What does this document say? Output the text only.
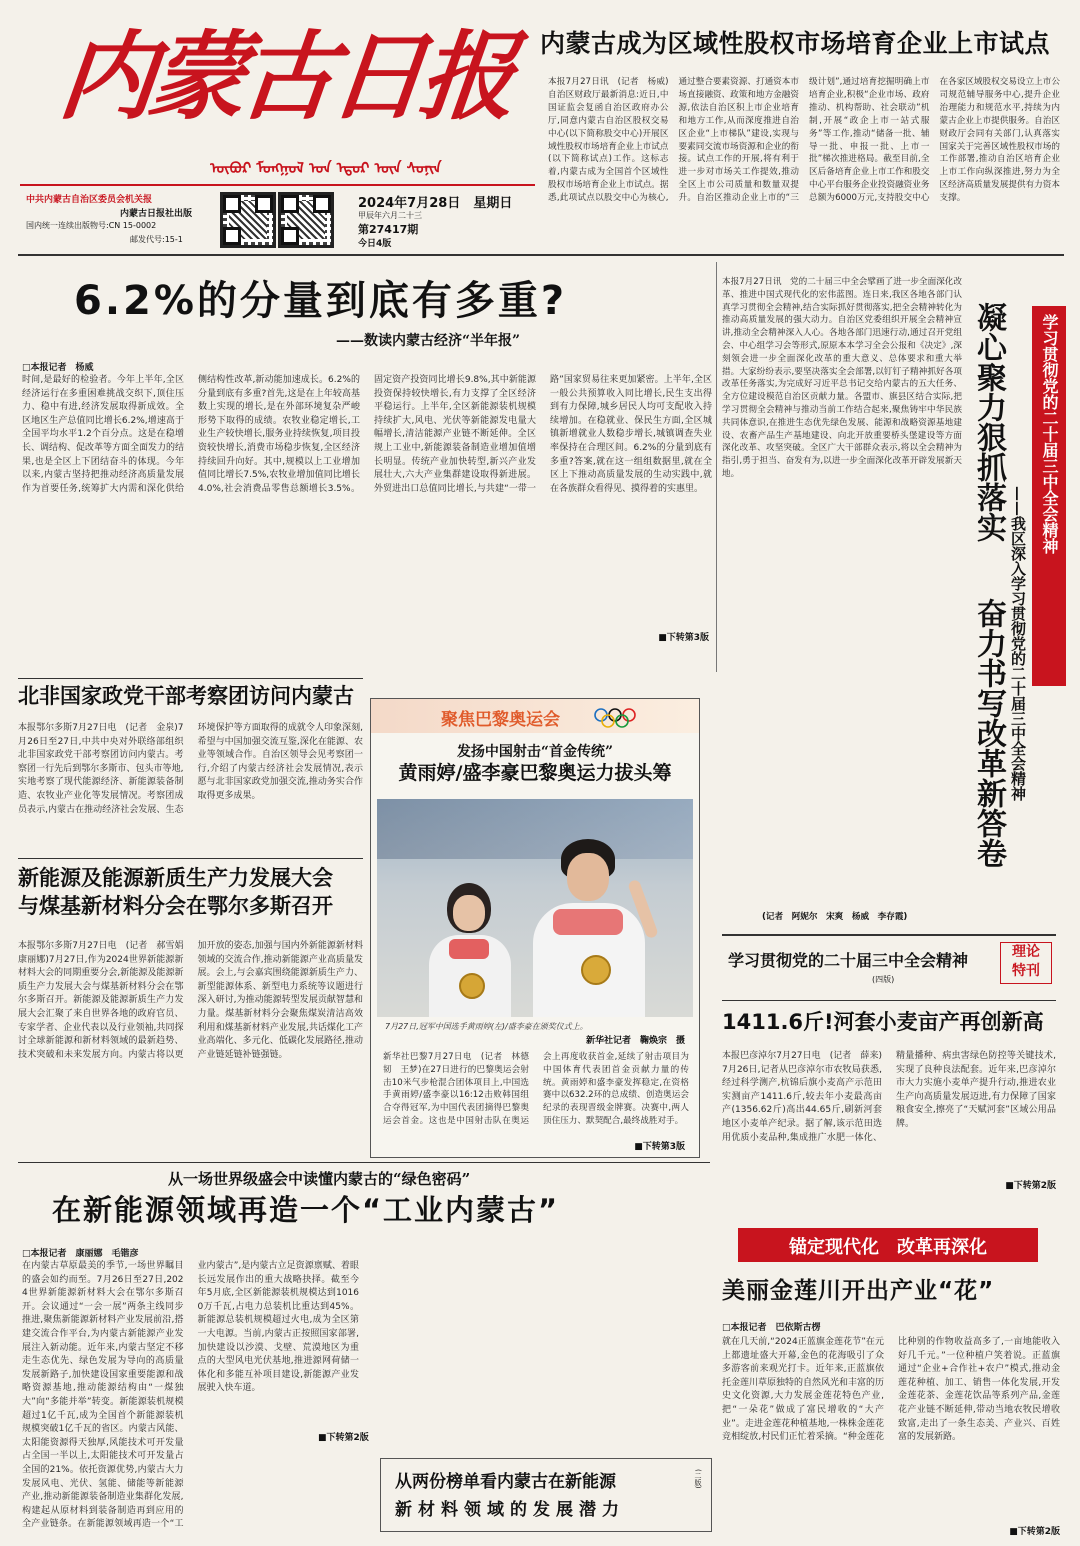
内蒙古日报
ᠥᠪᠦᠷ ᠮᠣᠩᠭᠣᠯ ᠤᠨ ᠡᠳᠦᠷ ᠦᠨ ᠰᠣᠨᠢᠨ
中共内蒙古自治区委员会机关报
内蒙古日报社出版
国内统一连续出版物号:CN 15-0002
邮发代号:15-1
2024年7月28日　星期日
甲辰年六月二十三
第27417期
今日4版
内蒙古成为区域性股权市场培育企业上市试点
本报7月27日讯　(记者　杨威)自治区财政厅最新消息:近日,中国证监会复函自治区政府办公厅,同意内蒙古自治区股权交易中心(以下简称股交中心)开展区域性股权市场培育企业上市试点(以下简称试点)工作。这标志着,内蒙古成为全国首个区域性股权市场培育企业上市试点。据悉,此项试点以股交中心为核心,通过整合要素资源、打通资本市场直接融资、政策和地方金融资源,依法自治区积上市企业培育和地方工作,从而深度推进自治区企业“上市梯队”建设,实现与要素同交流市场资源和企业的衔接。试点工作的开展,将有利于进一步对市场关工作提效,推动全区上市公司质量和数量双提升。自治区推动企业上市的“三级计划”,通过培育挖掘明确上市培育企业,积极“企业市场、政府推动、机构帮助、社会联动”机制,开展“政企上市一站式服务”等工作,推动“储备一批、辅导一批、申报一批、上市一批”梯次推进格局。截至目前,全区后备培育企业上市工作和股交中心平台服务企业投资融资业务总额为6000万元,支持股交中心在各家区域股权交易设立上市公司规范辅导服务中心,提升企业治理能力和规范水平,持续为内蒙古企业上市提供服务。自治区财政厅会同有关部门,认真落实国家关于完善区域性股权市场的工作部署,推动自治区培育企业上市工作向纵深推进,努力为全区经济高质量发展提供有力资本支撑。
6.2%的分量到底有多重?
——数读内蒙古经济“半年报”
□本报记者　杨威
时间,是最好的检验者。今年上半年,全区经济运行在多重困难挑战交织下,顶住压力、稳中有进,经济发展取得新成效。全区地区生产总值同比增长6.2%,增速高于全国平均水平1.2个百分点。这是在稳增长、调结构、促改革等方面全面发力的结果,也是全区上下团结奋斗的体现。今年以来,内蒙古坚持把推动经济高质量发展作为首要任务,统筹扩大内需和深化供给侧结构性改革,新动能加速成长。6.2%的分量到底有多重?首先,这是在上年较高基数上实现的增长,是在外部环境复杂严峻形势下取得的成绩。农牧业稳定增长,工业生产较快增长,服务业持续恢复,项目投资较快增长,消费市场稳步恢复,全区经济持续回升向好。其中,规模以上工业增加值同比增长7.5%,农牧业增加值同比增长4.0%,社会消费品零售总额增长3.5%。固定资产投资同比增长9.8%,其中新能源投资保持较快增长,有力支撑了全区经济平稳运行。上半年,全区新能源装机规模持续扩大,风电、光伏等新能源发电量大幅增长,清洁能源产业链不断延伸。全区规上工业中,新能源装备制造业增加值增长明显。传统产业加快转型,新兴产业发展壮大,六大产业集群建设取得新进展。外贸进出口总值同比增长,与共建“一带一路”国家贸易往来更加紧密。上半年,全区一般公共预算收入同比增长,民生支出得到有力保障,城乡居民人均可支配收入持续增加。在稳就业、保民生方面,全区城镇新增就业人数稳步增长,城镇调查失业率保持在合理区间。6.2%的分量到底有多重?答案,就在这一组组数据里,就在全区上下推动高质量发展的生动实践中,就在各族群众看得见、摸得着的实惠里。
■下转第3版
北非国家政党干部考察团访问内蒙古
本报鄂尔多斯7月27日电　(记者　金泉)7月26日至27日,中共中央对外联络部组织北非国家政党干部考察团访问内蒙古。考察团一行先后到鄂尔多斯市、包头市等地,实地考察了现代能源经济、新能源装备制造、农牧业产业化等发展情况。考察团成员表示,内蒙古在推动经济社会发展、生态环境保护等方面取得的成就令人印象深刻,希望与中国加强交流互鉴,深化在能源、农业等领域合作。自治区领导会见考察团一行,介绍了内蒙古经济社会发展情况,表示愿与北非国家政党加强交流,推动务实合作取得更多成果。
新能源及能源新质生产力发展大会
与煤基新材料分会在鄂尔多斯召开
本报鄂尔多斯7月27日电　(记者　郝雪娟　康丽娜)7月27日,作为2024世界新能源新材料大会的同期重要分会,新能源及能源新质生产力发展大会与煤基新材料分会在鄂尔多斯召开。新能源及能源新质生产力发展大会汇聚了来自世界各地的政府官员、专家学者、企业代表以及行业领袖,共同探讨全球新能源和新材料领域的最新趋势、技术突破和未来发展方向。内蒙古将以更加开放的姿态,加强与国内外新能源新材料领域的交流合作,推动新能源产业高质量发展。会上,与会嘉宾围绕能源新质生产力、新型能源体系、新型电力系统等议题进行深入研讨,为推动能源转型发展贡献智慧和力量。煤基新材料分会聚焦煤炭清洁高效利用和煤基新材料产业发展,共话煤化工产业高端化、多元化、低碳化发展路径,推动产业链延链补链强链。
聚焦巴黎奥运会
发扬中国射击“首金传统”
黄雨婷/盛李豪巴黎奥运力拔头筹
7月27日,冠军中国选手黄雨婷(左)/盛李豪在颁奖仪式上。
新华社记者　鞠焕宗　摄
新华社巴黎7月27日电　(记者　林德韧　王梦)在27日进行的巴黎奥运会射击10米气步枪混合团体项目上,中国选手黄雨婷/盛李豪以16:12击败韩国组合夺得冠军,为中国代表团摘得巴黎奥运会首金。这也是中国射击队在奥运会上再度收获首金,延续了射击项目为中国体育代表团首金贡献力量的传统。黄雨婷和盛李豪发挥稳定,在资格赛中以632.2环的总成绩、创造奥运会纪录的表现晋级金牌赛。决赛中,两人顶住压力、默契配合,最终战胜对手。
■下转第3版
本报7月27日讯　党的二十届三中全会擘画了进一步全面深化改革、推进中国式现代化的宏伟蓝图。连日来,我区各地各部门认真学习贯彻全会精神,结合实际抓好贯彻落实,把全会精神转化为推动高质量发展的强大动力。自治区党委组织开展全会精神宣讲,推动全会精神深入人心。各地各部门迅速行动,通过召开党组会、中心组学习会等形式,原原本本学习全会公报和《决定》,深刻领会进一步全面深化改革的重大意义、总体要求和重大举措。大家纷纷表示,要坚决落实全会部署,以钉钉子精神抓好各项改革任务落实,为完成好习近平总书记交给内蒙古的五大任务、全方位建设模范自治区贡献力量。各盟市、旗县区结合实际,把学习贯彻全会精神与推动当前工作结合起来,聚焦铸牢中华民族共同体意识,在推进生态优先绿色发展、能源和战略资源基地建设、农畜产品生产基地建设、向北开放重要桥头堡建设等方面深化改革、攻坚突破。全区广大干部群众表示,将以全会精神为指引,勇于担当、奋发有为,以进一步全面深化改革开辟发展新天地。
(记者　阿妮尔　宋爽　杨威　李存霞)
凝心聚力狠抓落实
奋力书写改革新答卷 ——我区深入学习贯彻党的二十届三中全会精神
学习贯彻党的二十届三中全会精神
学习贯彻党的二十届三中全会精神	理论
特刊
(四版)
1411.6斤!河套小麦亩产再创新高
本报巴彦淖尔7月27日电　(记者　薛来)7月26日,记者从巴彦淖尔市农牧局获悉,经过科学测产,杭锦后旗小麦高产示范田实测亩产1411.6斤,较去年小麦最高亩产(1356.62斤)高出44.65斤,刷新河套地区小麦单产纪录。据了解,该示范田选用优质小麦品种,集成推广水肥一体化、精量播种、病虫害绿色防控等关键技术,实现了良种良法配套。近年来,巴彦淖尔市大力实施小麦单产提升行动,推进农业生产向高质量发展迈进,有力保障了国家粮食安全,擦亮了“天赋河套”区域公用品牌。
■下转第2版
从一场世界级盛会中读懂内蒙古的“绿色密码”
在新能源领域再造一个“工业内蒙古”
□本报记者　康丽娜　毛锴彦
在内蒙古草原最美的季节,一场世界瞩目的盛会如约而至。7月26日至27日,2024世界新能源新材料大会在鄂尔多斯召开。会议通过“一会一展”两条主线同步推进,聚焦新能源新材料产业发展前沿,搭建交流合作平台,为内蒙古新能源产业发展注入新动能。近年来,内蒙古坚定不移走生态优先、绿色发展为导向的高质量发展新路子,加快建设国家重要能源和战略资源基地,推动能源结构由“一煤独大”向“多能并举”转变。新能源装机规模超过1亿千瓦,成为全国首个新能源装机规模突破1亿千瓦的省区。内蒙古风能、太阳能资源得天独厚,风能技术可开发量占全国一半以上,太阳能技术可开发量占全国的21%。依托资源优势,内蒙古大力发展风电、光伏、氢能、储能等新能源产业,推动新能源装备制造业集群化发展,构建起从原材料到装备制造再到应用的全产业链条。在新能源领域再造一个“工业内蒙古”,是内蒙古立足资源禀赋、着眼长远发展作出的重大战略抉择。截至今年5月底,全区新能源装机规模达到10160万千瓦,占电力总装机比重达到45%。新能源总装机规模超过火电,成为全区第一大电源。当前,内蒙古正按照国家部署,加快建设以沙漠、戈壁、荒漠地区为重点的大型风电光伏基地,推进源网荷储一体化和多能互补项目建设,新能源产业发展驶入快车道。
从两份榜单看内蒙古在新能源
新材料领域的发展潜力
(二版)
■下转第2版
锚定现代化　改革再深化
美丽金莲川开出产业“花”
□本报记者　巴依斯古楞
就在几天前,“2024正蓝旗金莲花节”在元上都遗址盛大开幕,金色的花海吸引了众多游客前来观光打卡。近年来,正蓝旗依托金莲川草原独特的自然风光和丰富的历史文化资源,大力发展金莲花特色产业,把“一朵花”做成了富民增收的“大产业”。走进金莲花种植基地,一株株金莲花竞相绽放,村民们正忙着采摘。“种金莲花比种别的作物收益高多了,一亩地能收入好几千元。”一位种植户笑着说。正蓝旗通过“企业+合作社+农户”模式,推动金莲花种植、加工、销售一体化发展,开发金莲花茶、金莲花饮品等系列产品,金莲花产业链不断延伸,带动当地农牧民增收致富,走出了一条生态美、产业兴、百姓富的发展新路。
■下转第2版
